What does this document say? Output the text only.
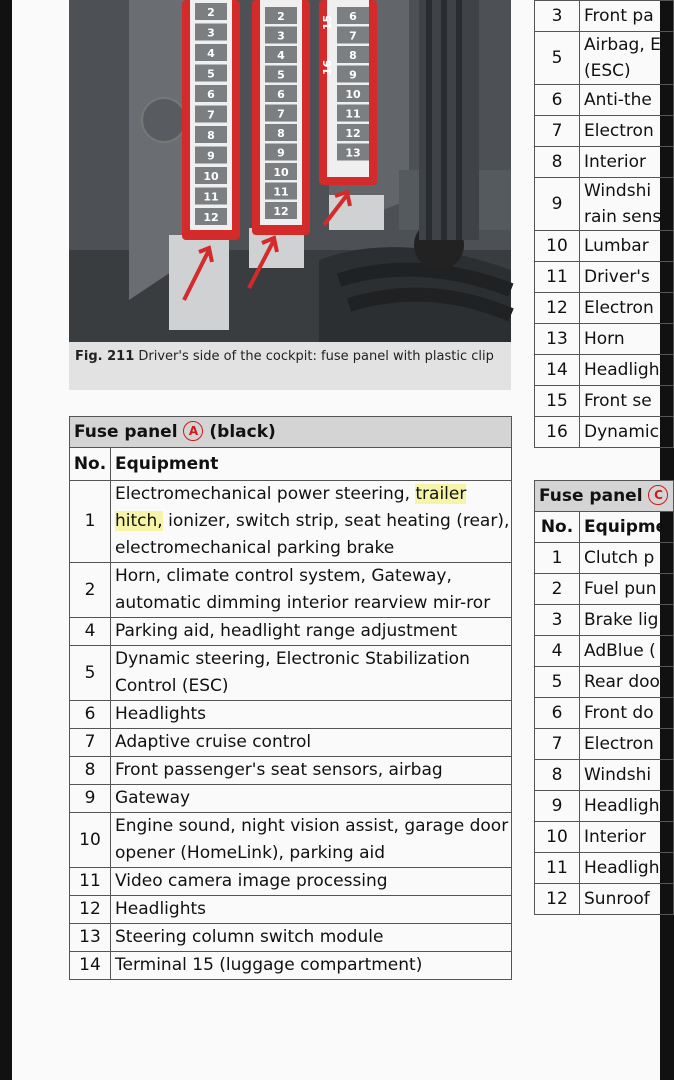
2
3
4
5
6
7
8
9
10
11
12
2
3
4
5
6
7
8
9
10
11
12
6
7
8
9
10
11
12
13
16
15
Fig. 211 Driver's side of the cockpit: fuse panel with plastic clip
Fuse panel A (black)	
No.	Equipment
1	Electromechanical power steering, trailer hitch, ionizer, switch strip, seat heating (rear), electromechanical parking brake
2	Horn, climate control system, Gateway, automatic dimming interior rearview mir-ror
4	Parking aid, headlight range adjustment
5	Dynamic steering, Electronic Stabilization Control (ESC)
6	Headlights
7	Adaptive cruise control
8	Front passenger's seat sensors, airbag
9	Gateway
10	Engine sound, night vision assist, garage door opener (HomeLink), parking aid
11	Video camera image processing
12	Headlights
13	Steering column switch module
14	Terminal 15 (luggage compartment)
3	Front pa
5	Airbag, E (ESC)
6	Anti-the
7	Electron
8	Interior
9	Windshi rain sens
10	Lumbar
11	Driver's
12	Electron
13	Horn
14	Headligh
15	Front se
16	Dynamic
Fuse panel C	
No.	Equipme
1	Clutch p
2	Fuel pun
3	Brake lig
4	AdBlue (
5	Rear doo
6	Front do
7	Electron
8	Windshi
9	Headligh
10	Interior
11	Headligh
12	Sunroof
